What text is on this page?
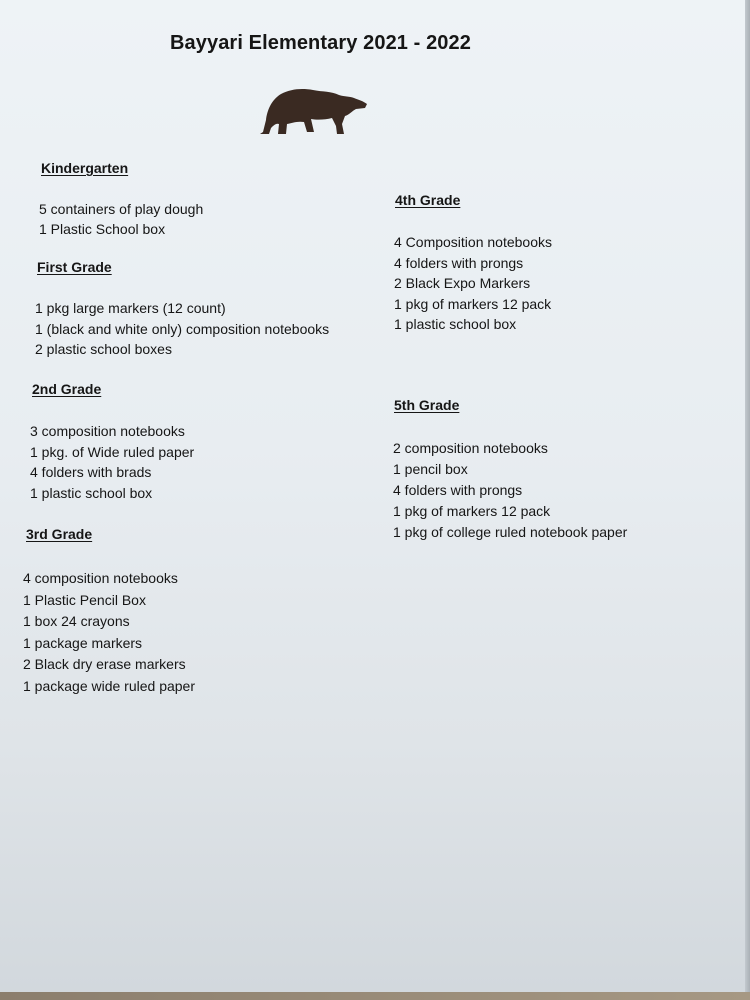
Bayyari Elementary 2021 - 2022
Kindergarten
5 containers of play dough
1 Plastic School box
First Grade
1 pkg large markers (12 count)
1 (black and white only) composition notebooks
2 plastic school boxes
2nd Grade
3 composition notebooks
1 pkg. of Wide ruled paper
4 folders with brads
1 plastic school box
3rd Grade
4 composition notebooks
1 Plastic Pencil Box
1 box 24 crayons
1 package markers
2 Black dry erase markers
1 package wide ruled paper
4th Grade
4 Composition notebooks
4 folders with prongs
2 Black Expo Markers
1 pkg of markers 12 pack
1 plastic school box
5th Grade
2 composition notebooks
1 pencil box
4 folders with prongs
1 pkg of markers 12 pack
1 pkg of college ruled notebook paper
